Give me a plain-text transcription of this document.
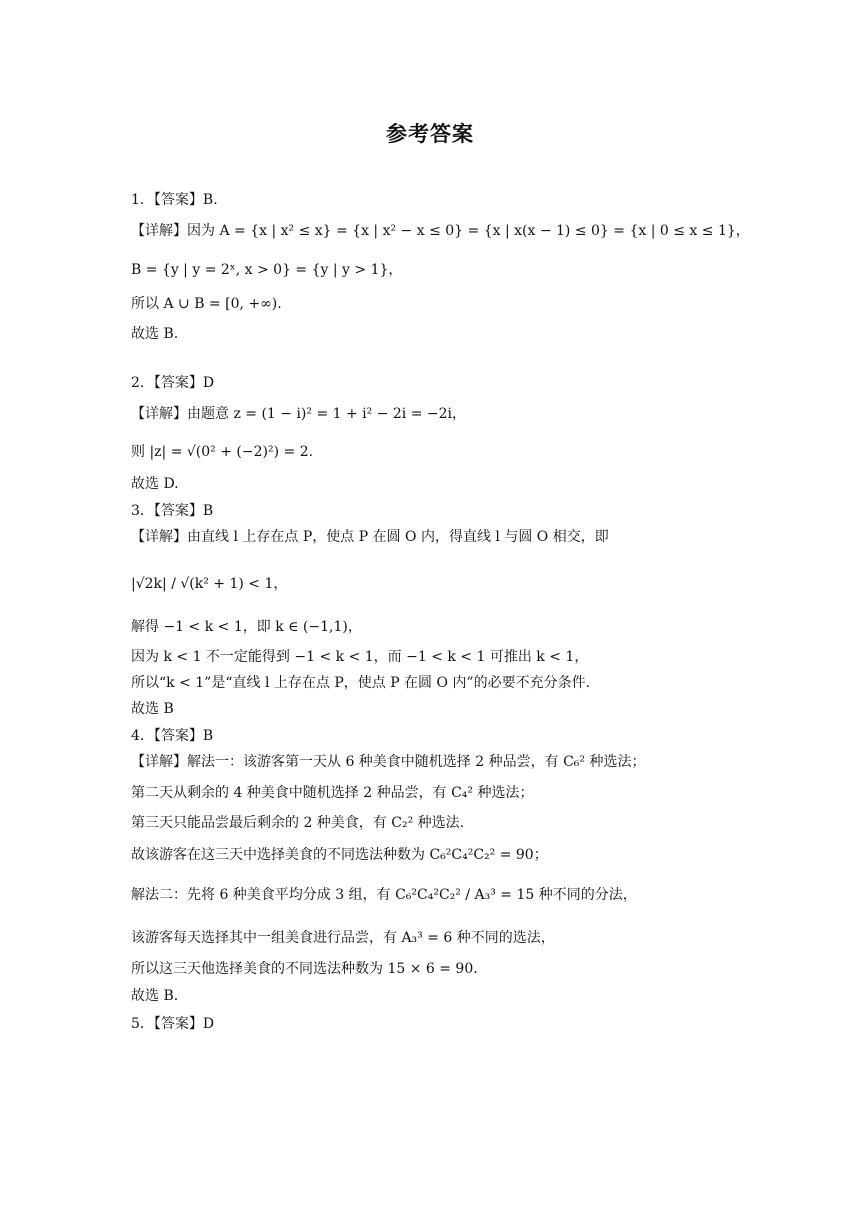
参考答案
1．【答案】B.
【详解】因为 A = {x | x² ≤ x} = {x | x² − x ≤ 0} = {x | x(x − 1) ≤ 0} = {x | 0 ≤ x ≤ 1}，
B = {y | y = 2ˣ, x > 0} = {y | y > 1}，
所以 A ∪ B = [0, +∞).
故选 B.
2．【答案】D
【详解】由题意 z = (1 − i)² = 1 + i² − 2i = −2i，
则 |z| = √(0² + (−2)²) = 2.
故选 D.
3．【答案】B
【详解】由直线 l 上存在点 P，使点 P 在圆 O 内，得直线 l 与圆 O 相交，即
|√2k| / √(k² + 1) < 1，
解得 −1 < k < 1，即 k ∈ (−1,1)，
因为 k < 1 不一定能得到 −1 < k < 1，而 −1 < k < 1 可推出 k < 1，
所以“k < 1”是“直线 l 上存在点 P，使点 P 在圆 O 内”的必要不充分条件.
故选 B
4．【答案】B
【详解】解法一：该游客第一天从 6 种美食中随机选择 2 种品尝，有 C₆² 种选法；
第二天从剩余的 4 种美食中随机选择 2 种品尝，有 C₄² 种选法；
第三天只能品尝最后剩余的 2 种美食，有 C₂² 种选法.
故该游客在这三天中选择美食的不同选法种数为 C₆²C₄²C₂² = 90；
解法二：先将 6 种美食平均分成 3 组，有 C₆²C₄²C₂² / A₃³ = 15 种不同的分法，
该游客每天选择其中一组美食进行品尝，有 A₃³ = 6 种不同的选法，
所以这三天他选择美食的不同选法种数为 15 × 6 = 90.
故选 B.
5．【答案】D
